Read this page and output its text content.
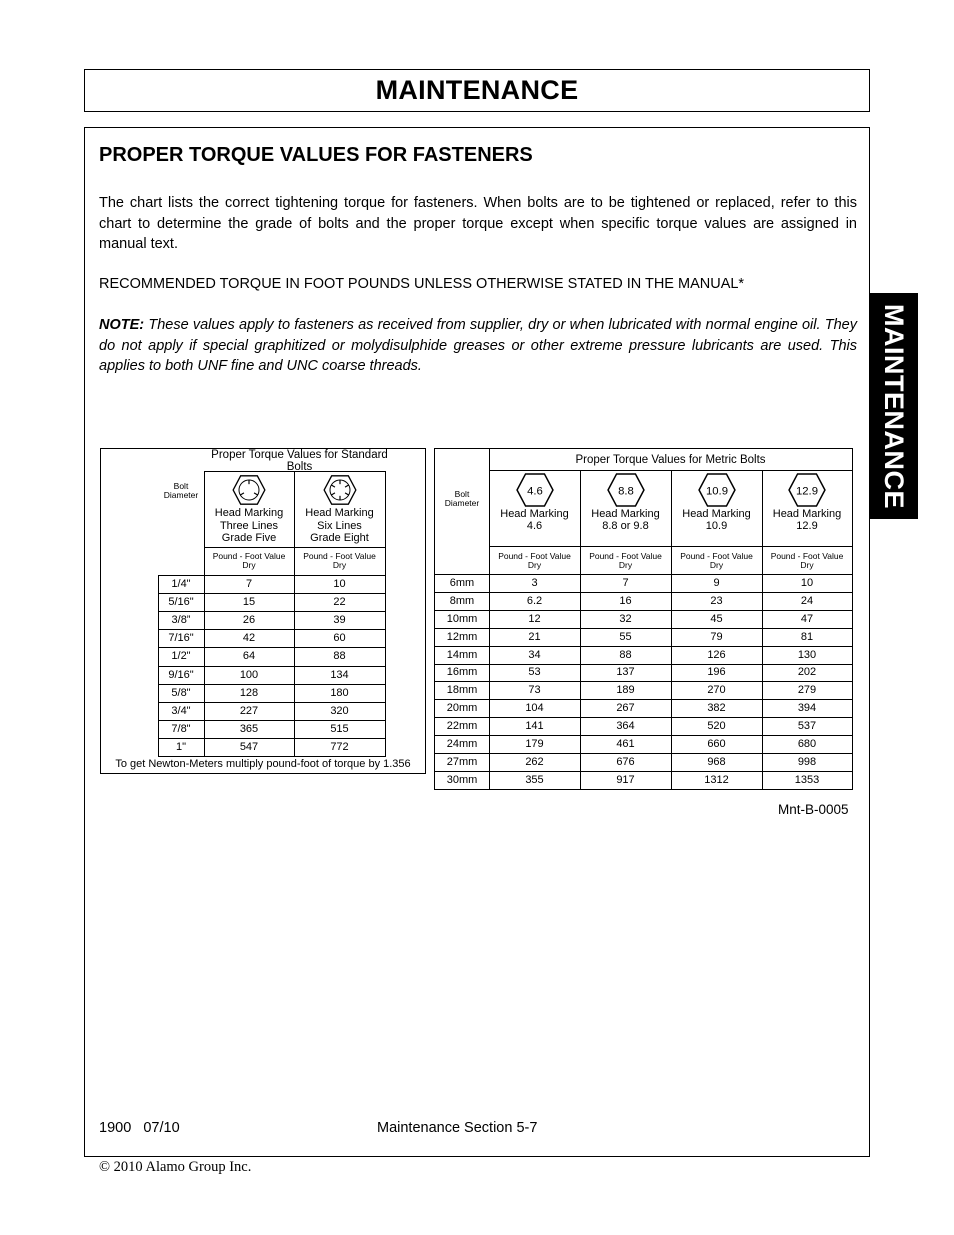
MAINTENANCE
MAINTENANCE
PROPER TORQUE VALUES FOR FASTENERS

The chart lists the correct tightening torque for fasteners. When bolts are to be tightened or replaced, refer to this chart to determine the grade of bolts and the proper torque except when specific torque values are assigned in manual text.

RECOMMENDED TORQUE IN FOOT POUNDS UNLESS OTHERWISE STATED IN THE MANUAL*

NOTE: These values apply to fasteners as received from supplier, dry or when lubricated with normal engine oil. They do not apply if special graphitized or molydisulphide greases or other extreme pressure lubricants are used. This applies to both UNF fine and UNC coarse threads.

Mnt-B-0005
1900   07/10	Maintenance Section 5-7
© 2010 Alamo Group Inc.
Proper Torque Values for Standard Bolts
Bolt
Diameter
Head Marking
Three Lines
Grade Five
Pound - Foot Value
Dry
Head Marking
Six Lines
Grade Eight
Pound - Foot Value
Dry
1/4"	7	10
5/16"	15	22
3/8”	26	39
7/16"	42	60
1/2"	64	88
9/16"	100	134
5/8"	128	180
3/4"	227	320
7/8"	365	515
1"	547	772
To get Newton-Meters multiply pound-foot of torque by 1.356
Proper Torque Values for Metric Bolts
Bolt
Diameter
4.6
Head Marking
4.6
Pound - Foot Value
Dry
8.8
Head Marking
8.8 or 9.8
Pound - Foot Value
Dry
10.9
Head Marking
10.9
Pound - Foot Value
Dry
12.9
Head Marking
12.9
Pound - Foot Value
Dry
6mm	3	7	9	10
8mm	6.2	16	23	24
10mm	12	32	45	47
12mm	21	55	79	81
14mm	34	88	126	130
16mm	53	137	196	202
18mm	73	189	270	279
20mm	104	267	382	394
22mm	141	364	520	537
24mm	179	461	660	680
27mm	262	676	968	998
30mm	355	917	1312	1353
